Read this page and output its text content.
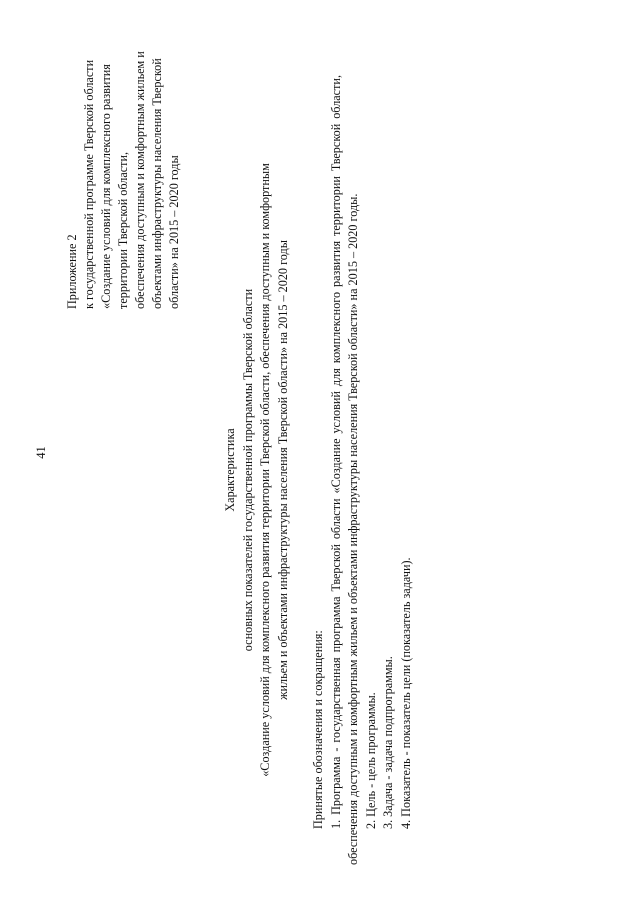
41
Приложение 2 к государственной программе Тверской области «Создание условий для комплексного развития территории Тверской области, обеспечения доступным и комфортным жильем и объектами инфраструктуры населения Тверской области» на 2015 – 2020 годы
Характеристика основных показателей государственной программы Тверской области «Создание условий для комплексного развития территории Тверской области, обеспечения доступным и комфортным жильем и объектами инфраструктуры населения Тверской области» на 2015 – 2020 годы
Принятые обозначения и сокращения: 1. Программа - государственная программа Тверской области «Создание условий для комплексного развития территории Тверской области, обеспечения доступным и комфортным жильем и объектами инфраструктуры населения Тверской области» на 2015 – 2020 годы. 2. Цель - цель программы. 3. Задача - задача подпрограммы. 4. Показатель - показатель цели (показатель задачи).
